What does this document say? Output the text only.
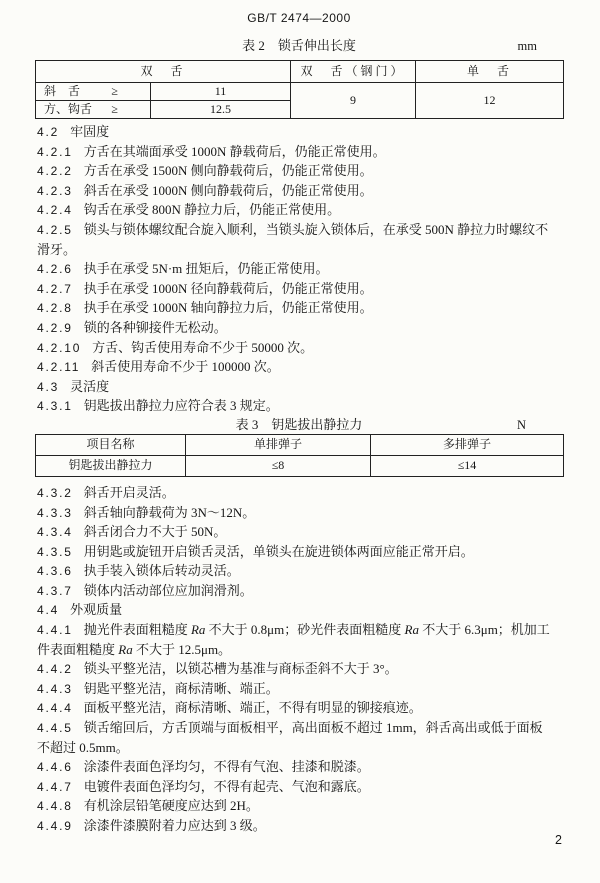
GB/T 2474—2000
表 2　锁舌伸出长度	mm
双　舌		双　舌（钢门）	单　舌

斜　舌 ≥	11	9	12

方、钩舌 ≥	12.5		
4.2 牢固度
4.2.1 方舌在其端面承受 1000N 静载荷后，仍能正常使用。
4.2.2 方舌在承受 1500N 侧向静载荷后，仍能正常使用。
4.2.3 斜舌在承受 1000N 侧向静载荷后，仍能正常使用。
4.2.4 钩舌在承受 800N 静拉力后，仍能正常使用。
4.2.5 锁头与锁体螺纹配合旋入顺利，当锁头旋入锁体后，在承受 500N 静拉力时螺纹不
滑牙。
4.2.6 执手在承受 5N·m 扭矩后，仍能正常使用。
4.2.7 执手在承受 1000N 径向静载荷后，仍能正常使用。
4.2.8 执手在承受 1000N 轴向静拉力后，仍能正常使用。
4.2.9 锁的各种铆接件无松动。
4.2.10 方舌、钩舌使用寿命不少于 50000 次。
4.2.11 斜舌使用寿命不少于 100000 次。
4.3 灵活度
4.3.1 钥匙拔出静拉力应符合表 3 规定。
表 3　钥匙拔出静拉力	N
项目名称	单排弹子	多排弹子
钥匙拔出静拉力	≤8	≤14
4.3.2 斜舌开启灵活。
4.3.3 斜舌轴向静载荷为 3N～12N。
4.3.4 斜舌闭合力不大于 50N。
4.3.5 用钥匙或旋钮开启锁舌灵活，单锁头在旋进锁体两面应能正常开启。
4.3.6 执手装入锁体后转动灵活。
4.3.7 锁体内活动部位应加润滑剂。
4.4 外观质量
4.4.1 抛光件表面粗糙度 Ra 不大于 0.8μm；砂光件表面粗糙度 Ra 不大于 6.3μm；机加工
件表面粗糙度 Ra 不大于 12.5μm。
4.4.2 锁头平整光洁，以锁芯槽为基准与商标歪斜不大于 3°。
4.4.3 钥匙平整光洁，商标清晰、端正。
4.4.4 面板平整光洁，商标清晰、端正，不得有明显的铆接痕迹。
4.4.5 锁舌缩回后，方舌顶端与面板相平，高出面板不超过 1mm，斜舌高出或低于面板
不超过 0.5mm。
4.4.6 涂漆件表面色泽均匀，不得有气泡、挂漆和脱漆。
4.4.7 电镀件表面色泽均匀，不得有起壳、气泡和露底。
4.4.8 有机涂层铅笔硬度应达到 2H。
4.4.9 涂漆件漆膜附着力应达到 3 级。
2
